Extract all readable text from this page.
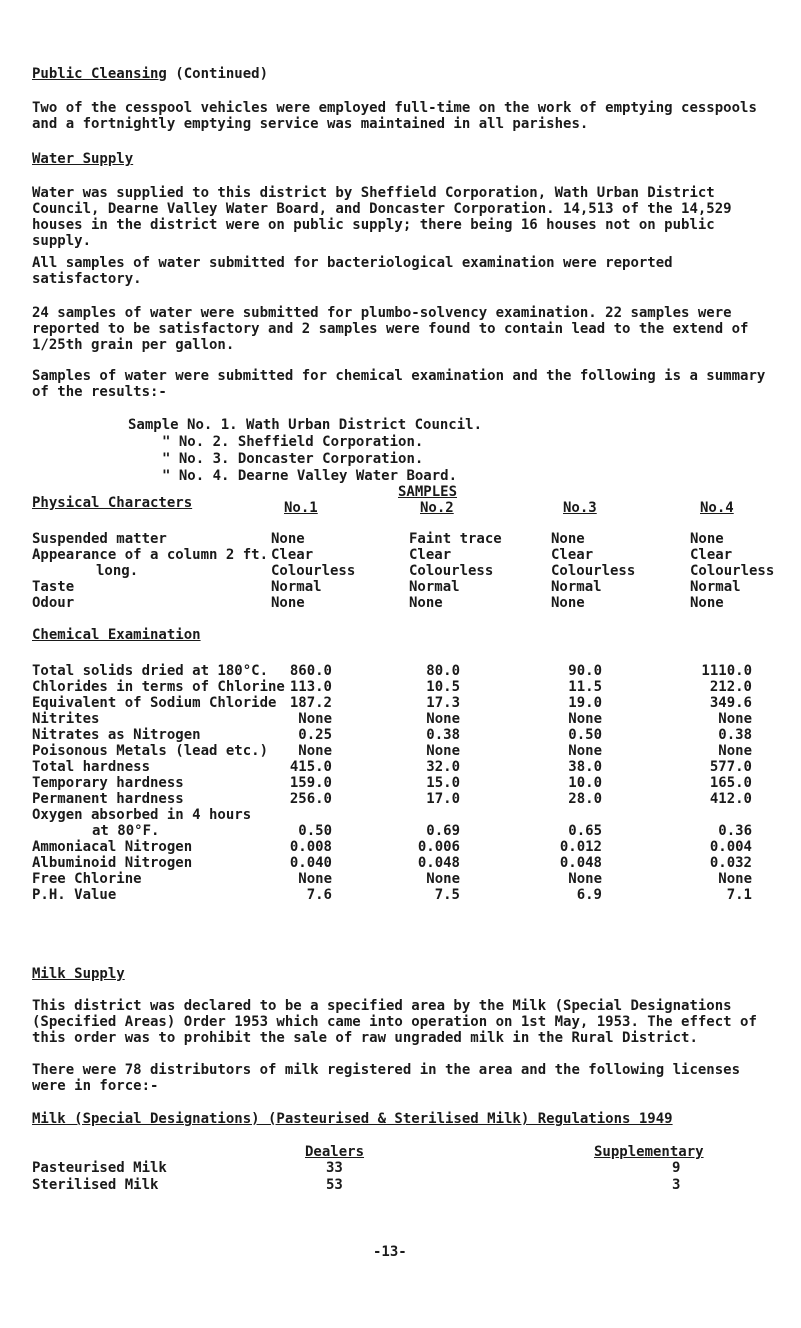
Public Cleansing (Continued)
Two of the cesspool vehicles were employed full-time on the work of emptying cesspools and a fortnightly emptying service was maintained in all parishes.
Water Supply
Water was supplied to this district by Sheffield Corporation, Wath Urban District Council, Dearne Valley Water Board, and Doncaster Corporation. 14,513 of the 14,529 houses in the district were on public supply; there being 16 houses not on public supply.
All samples of water submitted for bacteriological examination were reported satisfactory.
24 samples of water were submitted for plumbo-solvency examination. 22 samples were reported to be satisfactory and 2 samples were found to contain lead to the extend of 1/25th grain per gallon.
Samples of water were submitted for chemical examination and the following is a summary of the results:-
Sample No. 1. Wath Urban District Council.
" No. 2. Sheffield Corporation.
" No. 3. Doncaster Corporation.
" No. 4. Dearne Valley Water Board.
SAMPLES
Physical Characters	No.1	No.2	No.3	No.4
Suspended matter	None	Faint trace	None	None
Appearance of a column 2 ft. Clear	Clear	Clear	Clear
long.	Colourless	Colourless	Colourless	Colourless
Taste	Normal	Normal	Normal	Normal
Odour	None	None	None	None
Chemical Examination
Total solids dried at 180°C. 860.0	80.0	90.0	1110.0
Chlorides in terms of Chlorine 113.0	10.5	11.5	212.0
Equivalent of Sodium Chloride 187.2	17.3	19.0	349.6
Nitrites	None	None	None	None
Nitrates as Nitrogen	0.25	0.38	0.50	0.38
Poisonous Metals (lead etc.) None	None	None	None
Total hardness	415.0	32.0	38.0	577.0
Temporary hardness	159.0	15.0	10.0	165.0
Permanent hardness	256.0	17.0	28.0	412.0
Oxygen absorbed in 4 hours
at 80°F.	0.50	0.69	0.65	0.36
Ammoniacal Nitrogen	0.008	0.006	0.012	0.004
Albuminoid Nitrogen	0.040	0.048	0.048	0.032
Free Chlorine	None	None	None	None
P.H. Value	7.6	7.5	6.9	7.1
Milk Supply
This district was declared to be a specified area by the Milk (Special Designations (Specified Areas) Order 1953 which came into operation on 1st May, 1953. The effect of this order was to prohibit the sale of raw ungraded milk in the Rural District.
There were 78 distributors of milk registered in the area and the following licenses were in force:-
Milk (Special Designations) (Pasteurised & Sterilised Milk) Regulations 1949
Dealers	Supplementary
Pasteurised Milk	33	9
Sterilised Milk	53	3
-13-
